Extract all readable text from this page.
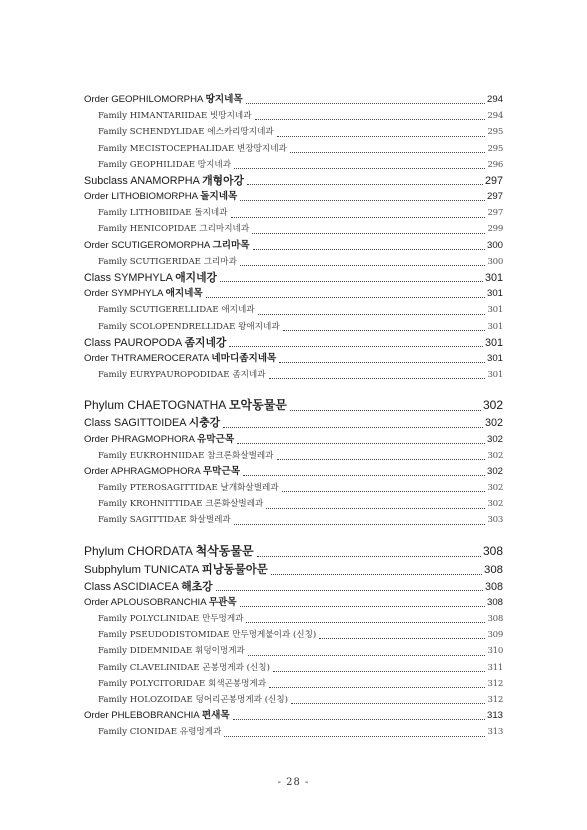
Order GEOPHILOMORPHA 땅지네목	294
Family HIMANTARIIDAE 빗땅지네과	294
Family SCHENDYLIDAE 에스카리땅지네과	295
Family MECISTOCEPHALIDAE 변장땅지네과	295
Family GEOPHILIDAE 땅지네과	296
Subclass ANAMORPHA 개형아강	297
Order LITHOBIOMORPHA 돌지네목	297
Family LITHOBIIDAE 돌지네과	297
Family HENICOPIDAE 그리마지네과	299
Order SCUTIGEROMORPHA 그리마목	300
Family SCUTIGERIDAE 그리마과	300
Class SYMPHYLA 애지네강	301
Order SYMPHYLA 애지네목	301
Family SCUTIGERELLIDAE 애지네과	301
Family SCOLOPENDRELLIDAE 왕애지네과	301
Class PAUROPODA 좀지네강	301
Order THTRAMEROCERATA 네마디좀지네목	301
Family EURYPAUROPODIDAE 좀지네과	301
Phylum CHAETOGNATHA 모악동물문	302
Class SAGITTOIDEA 시충강	302
Order PHRAGMOPHORA 유막근목	302
Family EUKROHNIIDAE 참크론화살벌레과	302
Order APHRAGMOPHORA 무막근목	302
Family PTEROSAGITTIDAE 날개화살벌레과	302
Family KROHNITTIDAE 크론화살벌레과	302
Family SAGITTIDAE 화살벌레과	303
Phylum CHORDATA 척삭동물문	308
Subphylum TUNICATA 피낭동물아문	308
Class ASCIDIACEA 해초강	308
Order APLOUSOBRANCHIA 무관목	308
Family POLYCLINIDAE 만두멍게과	308
Family PSEUDODISTOMIDAE 만두멍게붙이과 (신칭)	309
Family DIDEMNIDAE 휘덩이멍게과	310
Family CLAVELINIDAE 곤봉멍게과 (신칭)	311
Family POLYCITORIDAE 회색곤봉멍게과	312
Family HOLOZOIDAE 덩어리곤봉멍게과 (신칭)	312
Order PHLEBOBRANCHIA 편새목	313
Family CIONIDAE 유령멍게과	313
- 28 -
